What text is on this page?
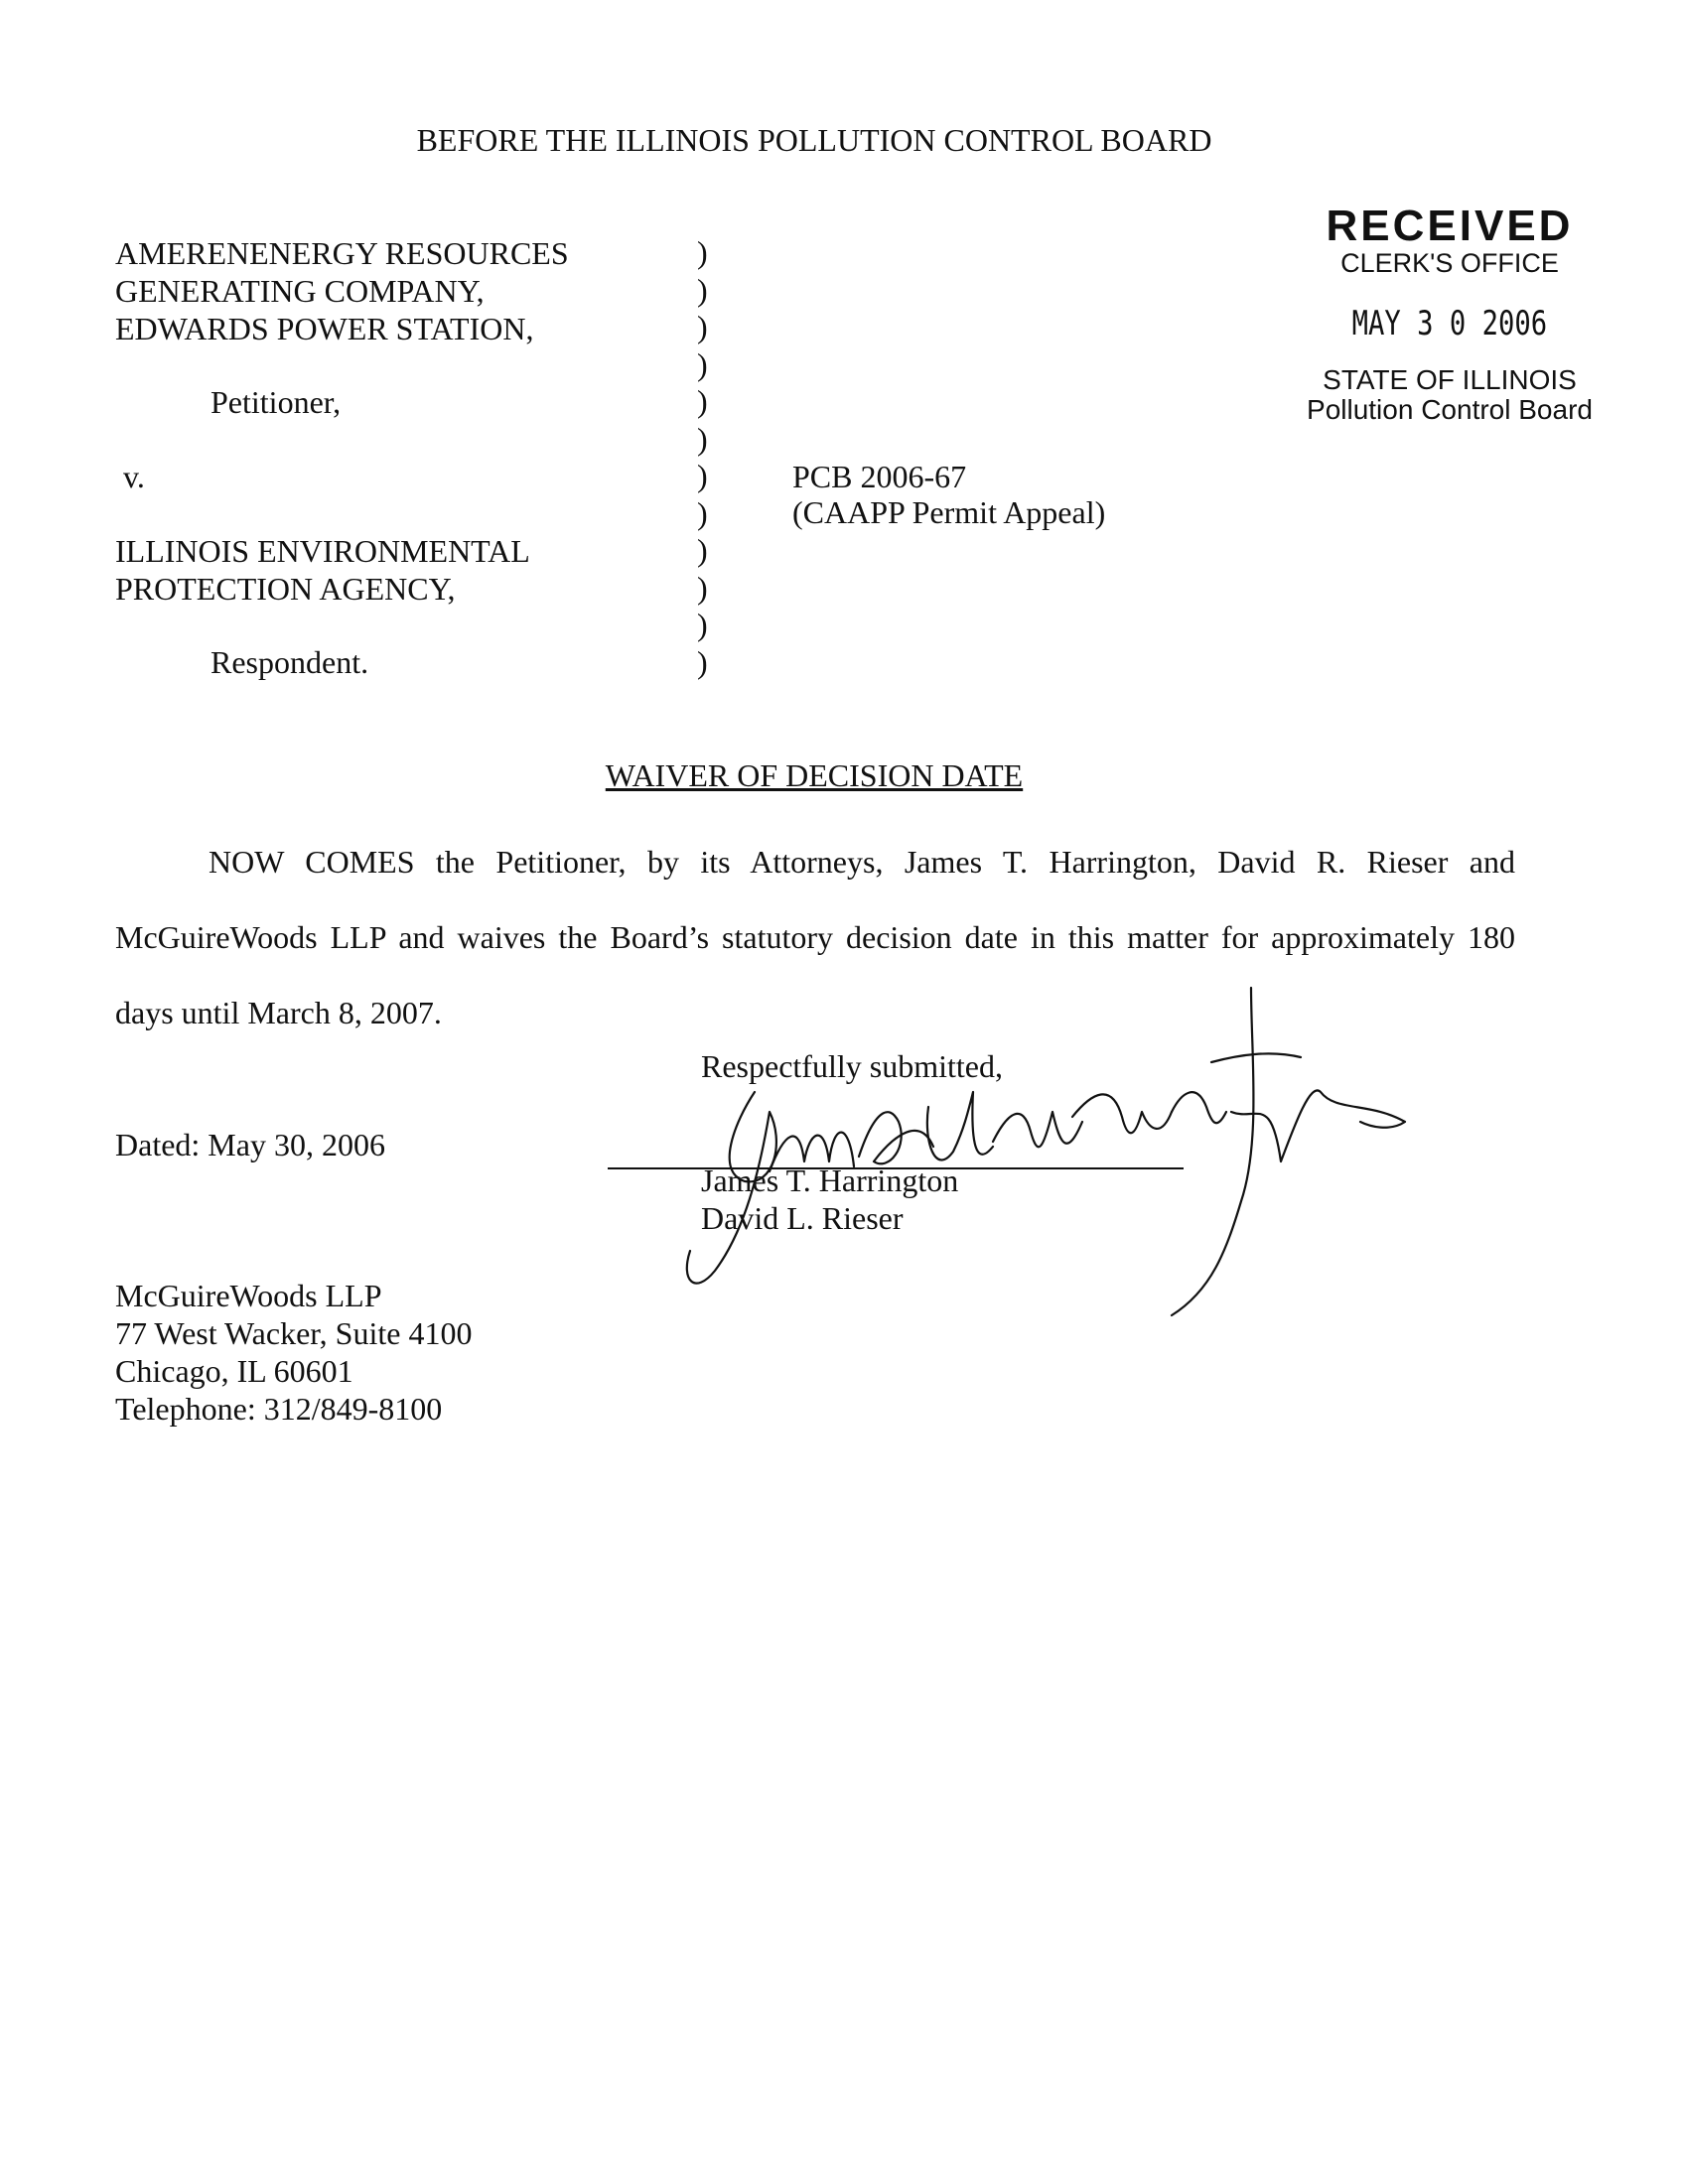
BEFORE THE ILLINOIS POLLUTION CONTROL BOARD
AMERENENERGY RESOURCES
GENERATING COMPANY,
EDWARDS POWER STATION,
Petitioner,
v.
ILLINOIS ENVIRONMENTAL
PROTECTION AGENCY,
Respondent.
)
)
)
)
)
)
)
)
)
)
)
)
PCB 2006-67
(CAAPP Permit Appeal)
RECEIVED
CLERK'S OFFICE
MAY 3 0 2006
STATE OF ILLINOIS
Pollution Control Board
WAIVER OF DECISION DATE
NOW COMES the Petitioner, by its Attorneys, James T. Harrington, David R. Rieser and
McGuireWoods LLP and waives the Board’s statutory decision date in this matter for approximately 180
days until March 8, 2007.
Respectfully submitted,
Dated: May 30, 2006
James T. Harrington
David L. Rieser
McGuireWoods LLP
77 West Wacker, Suite 4100
Chicago, IL 60601
Telephone: 312/849-8100
